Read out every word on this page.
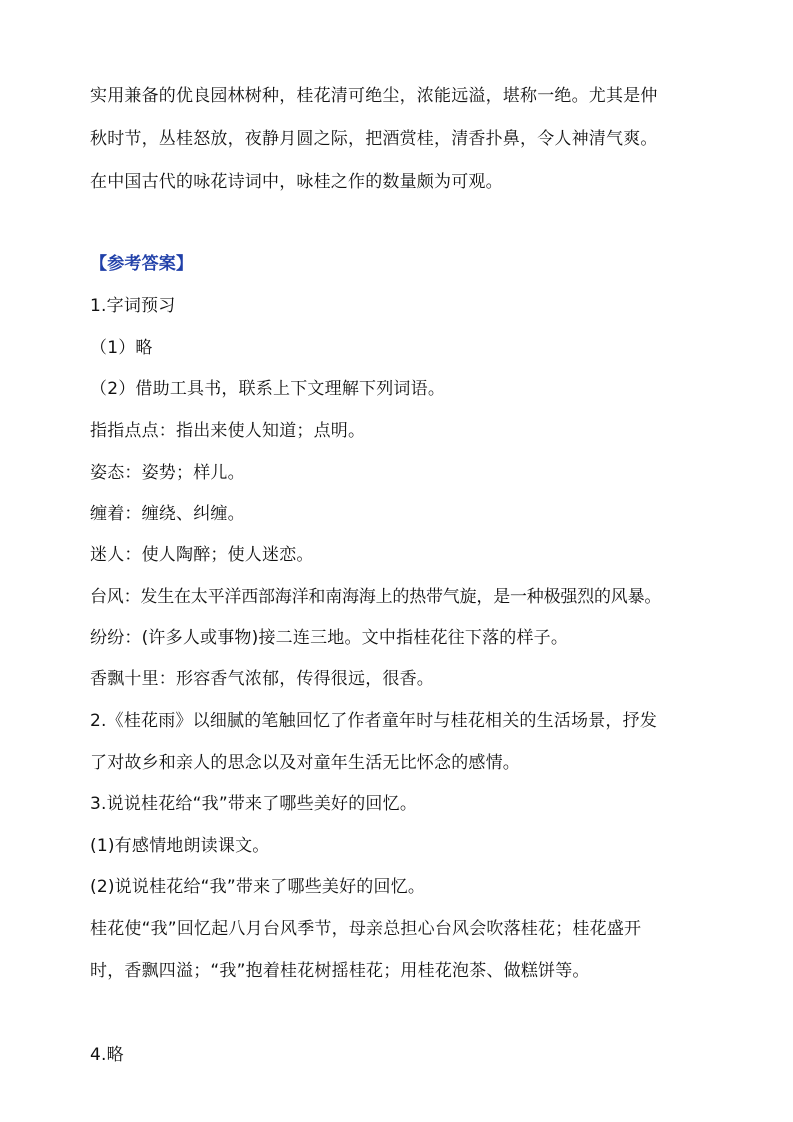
实用兼备的优良园林树种，桂花清可绝尘，浓能远溢，堪称一绝。尤其是仲
秋时节，丛桂怒放，夜静月圆之际，把酒赏桂，清香扑鼻，令人神清气爽。
在中国古代的咏花诗词中，咏桂之作的数量颇为可观。
【参考答案】
1.字词预习
（1）略
（2）借助工具书，联系上下文理解下列词语。
指指点点：指出来使人知道；点明。
姿态：姿势；样儿。
缠着：缠绕、纠缠。
迷人：使人陶醉；使人迷恋。
台风：发生在太平洋西部海洋和南海海上的热带气旋，是一种极强烈的风暴。
纷纷：(许多人或事物)接二连三地。文中指桂花往下落的样子。
香飘十里：形容香气浓郁，传得很远，很香。
2.《桂花雨》以细腻的笔触回忆了作者童年时与桂花相关的生活场景，抒发
了对故乡和亲人的思念以及对童年生活无比怀念的感情。
3.说说桂花给“我”带来了哪些美好的回忆。
(1)有感情地朗读课文。
(2)说说桂花给“我”带来了哪些美好的回忆。
桂花使“我”回忆起八月台风季节，母亲总担心台风会吹落桂花；桂花盛开
时，香飘四溢；“我”抱着桂花树摇桂花；用桂花泡茶、做糕饼等。
4.略
